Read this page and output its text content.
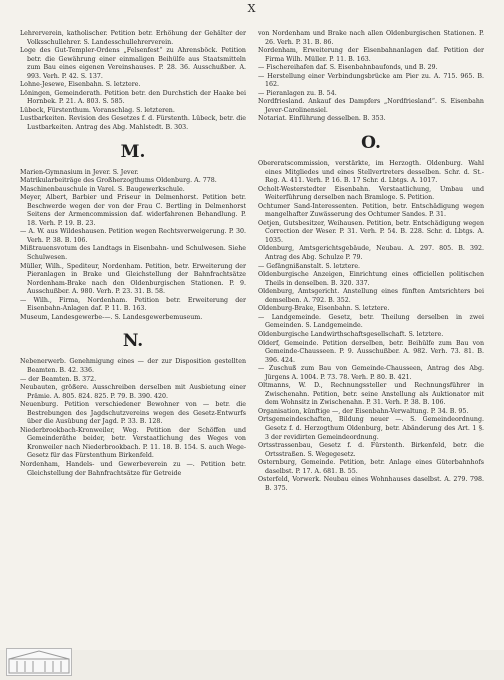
X

Lehrerverein, katholischer. Petition betr. Erhöhung der Gehälter der Volksschullehrer. S. Landesschullehrerverein.

Loge des Gut-Templer-Ordens „Felsenfest“ zu Ahrensböck. Petition betr. die Gewährung einer einmaligen Beihülfe aus Staatsmitteln zum Bau eines eigenen Vereinshauses. P. 28. 36. Ausschußber. A. 993. Verh. P. 42. S. 137.

Lohne-Jesewe, Eisenbahn. S. letztere.

Löningen, Gemeinderath. Petition betr. den Durchstich der Haake bei Hornbek. P. 21. A. 803. S. 585.

Lübeck, Fürstenthum. Voranschlag. S. letzteren.

Lustbarkeiten. Revision des Gesetzes f. d. Fürstenth. Lübeck, betr. die Lustbarkeiten. Antrag des Abg. Mahlstedt. B. 303.

M.

Marien-Gymnasium in Jever. S. Jever.

Matrikularbeiträge des Großherzogthums Oldenburg. A. 778.

Maschinenbauschule in Varel. S. Baugewerkschule.

Meyer, Albert, Barbier und Friseur in Delmenhorst. Petition betr. Beschwerde wegen der von der Frau C. Bertling in Delmenhorst Seitens der Armencommission daf. widerfahrenen Behandlung. P. 18. Verh. P. 19. B. 23.

— A. W. aus Wildeshausen. Petition wegen Rechtsverweigerung. P. 30. Verh. P. 38. B. 106.

Mißtrauensvotum des Landtags in Eisenbahn- und Schulwesen. Siehe Schulwesen.

Müller, Wilh., Spediteur, Nordenham. Petition, betr. Erweiterung der Pieranlagen in Brake und Gleichstellung der Bahnfrachtsätze Nordenham-Brake nach den Oldenburgischen Stationen. P. 9. Ausschußber. A. 980. Verh. P. 23. 31. B. 58.

— Wilh., Firma, Nordenham. Petition betr. Erweiterung der Eisenbahn-Anlagen daf. P. 11. B. 163.

Museum, Landesgewerbe-—. S. Landesgewerbemuseum.

N.

Nebenerwerb. Genehmigung eines — der zur Disposition gestellten Beamten. B. 42. 336.

— der Beamten. B. 372.

Neubauten, größere. Ausschreiben derselben mit Ausbietung einer Prämie. A. 805. 824. 825. P. 79. B. 390. 420.

Neuenburg. Petition verschiedener Bewohner von — betr. die Bestrebungen des Jagdschutzvereins wegen des Gesetz-Entwurfs über die Ausübung der Jagd. P. 33. B. 128.

Niederbrookbach-Kronweiler, Weg. Petition der Schöffen und Gemeinderäthe beider, betr. Verstaatlichung des Weges von Kronweiler nach Niederbrookbach. P. 11. 18. B. 154. S. auch Wege-Gesetz für das Fürstenthum Birkenfeld.

Nordenham, Handels- und Gewerbeverein zu —. Petition betr. Gleichstellung der Bahnfrachtsätze für Getreide

von Nordenham und Brake nach allen Oldenburgischen Stationen. P. 26. Verh. P. 31. B. 86.

Nordenham, Erweiterung der Eisenbahnanlagen daf. Petition der Firma Wilh. Müller. P. 11. B. 163.

— Fischereihafen daf. S. Eisenbahnbaufonds, und B. 29.

— Herstellung einer Verbindungsbrücke am Pier zu. A. 715. 965. B. 162.

— Pieranlagen zu. B. 54.

Nordfriesland. Ankauf des Dampfers „Nordfriesland“. S. Eisenbahn Jever-Carolinensiel.

Notariat. Einführung desselben. B. 353.

O.

Obereratscommission, verstärkte, im Herzogth. Oldenburg. Wahl eines Mitgliedes und eines Stellvertreters desselben. Schr. d. St.-Reg. A. 411. Verh. P. 16. B. 17 Schr. d. Lbtgs. A. 1017.

Ocholt-Westerstedter Eisenbahn. Verstaatlichung, Umbau und Weiterführung derselben nach Bramloge. S. Petition.

Ochtumer Sand-Interessenten. Petition, betr. Entschädigung wegen mangelhafter Zuwässerung des Ochtumer Sandes. P. 31.

Oetjen, Gutsbesitzer, Weihausen. Petition, betr. Entschädigung wegen Correction der Weser. P. 31. Verh. P. 54. B. 228. Schr. d. Lbtgs. A. 1035.

Oldenburg, Amtsgerichtsgebäude, Neubau. A. 297. 805. B. 392. Antrag des Abg. Schulze P. 79.

— Gefängnißanstalt. S. letztere.

Oldenburgische Anzeigen, Einrichtung eines officiellen politischen Theils in denselben. B. 320. 337.

Oldenburg, Amtsgericht. Anstellung eines fünften Amtsrichters bei demselben. A. 792. B. 352.

Oldenburg-Brake, Eisenbahn. S. letztere.

— Landgemeinde. Gesetz, betr. Theilung derselben in zwei Gemeinden. S. Landgemeinde.

Oldenburgische Landwirthschaftsgesellschaft. S. letztere.

Olderf, Gemeinde. Petition derselben, betr. Beihülfe zum Bau von Gemeinde-Chausseen. P. 9. Ausschußber. A. 982. Verh. 73. 81. B. 396. 424.

— Zuschuß zum Bau von Gemeinde-Chausseen, Antrag des Abg. Jürgens A. 1004. P. 73. 78. Verh. P. 80. B. 421.

Oltmanns, W. D., Rechnungssteller und Rechnungsführer in Zwischenahn. Petition, betr. seine Anstellung als Auktionator mit dem Wohnsitz in Zwischenahn. P. 31. Verh. P. 38. B. 106.

Organisation, künftige —, der Eisenbahn-Verwaltung. P. 34. B. 95.

Ortsgemeindeschaften, Bildung neuer —. S. Gemeindeordnung. Gesetz f. d. Herzogthum Oldenburg, betr. Abänderung des Art. 1 §. 3 der revidirten Gemeindeordnung.

Ortsstrassenbau, Gesetz f. d. Fürstenth. Birkenfeld, betr. die Ortsstraßen. S. Wegegesetz.

Osternburg, Gemeinde. Petition, betr. Anlage eines Güterbahnhofs daselbst. P. 17. A. 681. B. 55.

Osterfeld, Vorwerk. Neubau eines Wohnhauses daselbst. A. 279. 798. B. 375.
